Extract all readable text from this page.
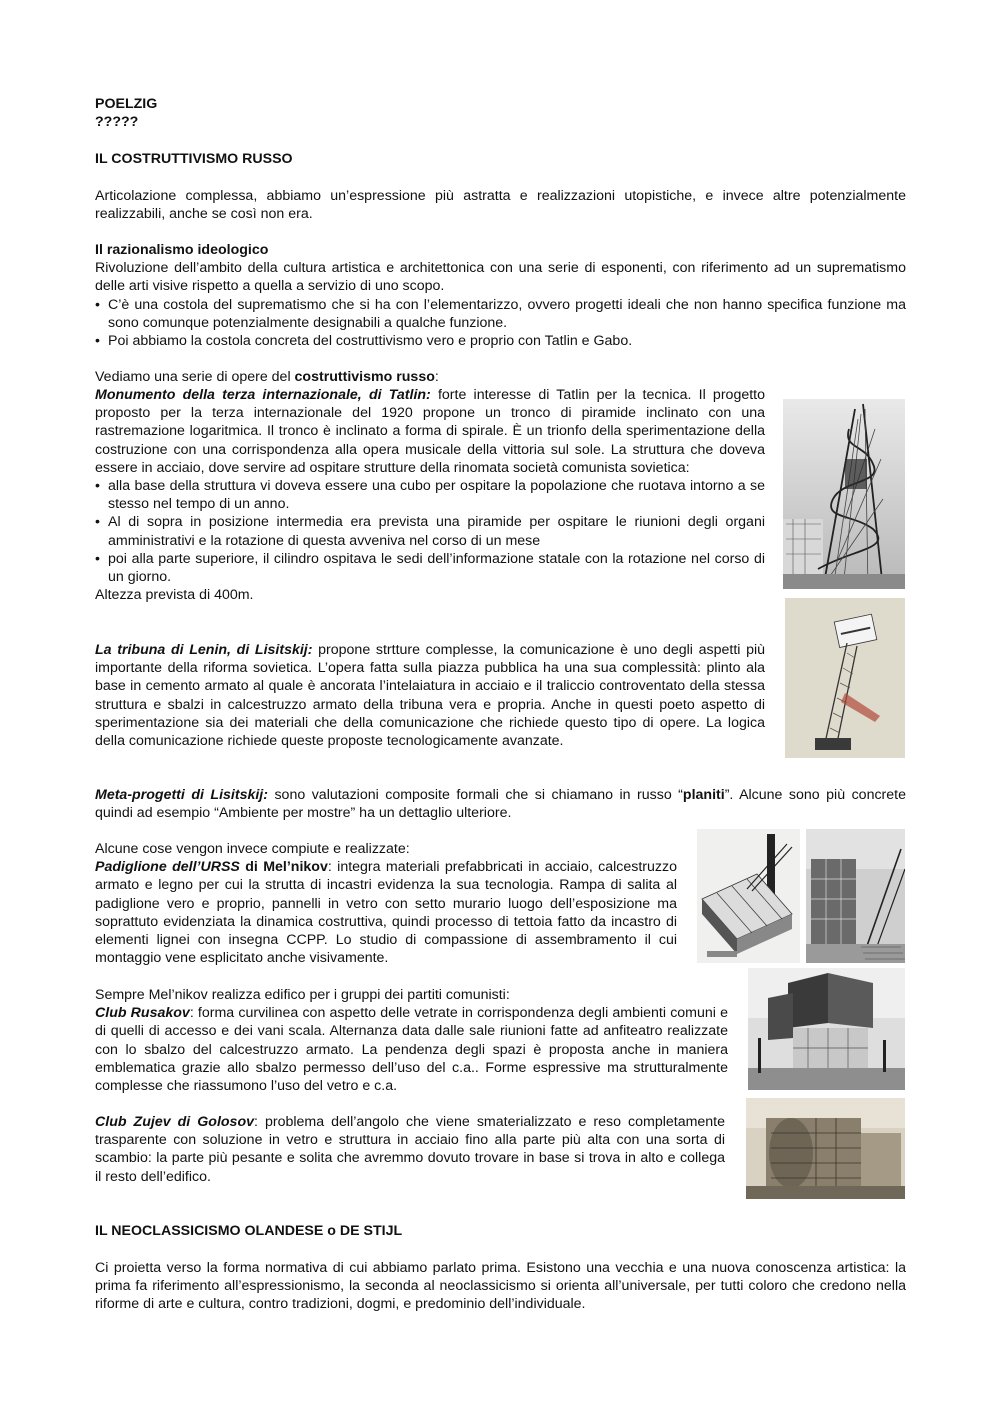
POELZIG

?????

IL COSTRUTTIVISMO RUSSO
Articolazione complessa, abbiamo un’espressione più astratta e realizzazioni utopistiche, e invece altre potenzialmente realizzabili, anche se così non era.

Il razionalismo ideologico

Rivoluzione dell’ambito della cultura artistica e architettonica con una serie di esponenti, con riferimento ad un suprematismo delle arti visive rispetto a quella a servizio di uno scopo.

• C’è una costola del suprematismo che si ha con l’elementarizzo, ovvero progetti ideali che non hanno specifica funzione ma sono comunque potenzialmente designabili a qualche funzione.
• Poi abbiamo la costola concreta del costruttivismo vero e proprio con Tatlin e Gabo.
Vediamo una serie di opere del costruttivismo russo:

Monumento della terza internazionale, di Tatlin: forte interesse di Tatlin per la tecnica. Il progetto proposto per la terza internazionale del 1920 propone un tronco di piramide inclinato con una rastremazione logaritmica. Il tronco è inclinato a forma di spirale. È un trionfo della sperimentazione della costruzione con una corrispondenza alla opera musicale della vittoria sul sole. La struttura che doveva essere in acciaio, dove servire ad ospitare strutture della rinomata società comunista sovietica:

• alla base della struttura vi doveva essere una cubo per ospitare la popolazione che ruotava intorno a se stesso nel tempo di un anno.
• Al di sopra in posizione intermedia era prevista una piramide per ospitare le riunioni degli organi amministrativi e la rotazione di questa avveniva nel corso di un mese
• poi alla parte superiore, il cilindro ospitava le sedi dell’informazione statale con la rotazione nel corso di un giorno.

Altezza prevista di 400m.

La tribuna di Lenin, di Lisitskij: propone strtture complesse, la comunicazione è uno degli aspetti più importante della riforma sovietica. L’opera fatta sulla piazza pubblica ha una sua complessità: plinto ala base in cemento armato al quale è ancorata l’intelaiatura in acciaio e il traliccio controventato della stessa struttura e sbalzi in calcestruzzo armato della tribuna vera e propria. Anche in questi poeto aspetto di sperimentazione sia dei materiali che della comunicazione che richiede questo tipo di opere. La logica della comunicazione richiede queste proposte tecnologicamente avanzate.
Meta-progetti di Lisitskij: sono valutazioni composite formali che si chiamano in russo “planiti”. Alcune sono più concrete quindi ad esempio “Ambiente per mostre” ha un dettaglio ulteriore.

Alcune cose vengon invece compiute e realizzate:

Padiglione dell’URSS di Mel’nikov: integra materiali prefabbricati in acciaio, calcestruzzo armato e legno per cui la strutta di incastri evidenza la sua tecnologia. Rampa di salita al padiglione vero e proprio, pannelli in vetro con setto murario luogo dell’esposizione ma soprattuto evidenziata la dinamica costruttiva, quindi processo di tettoia fatto da incastro di elementi lignei con insegna CCPP. Lo studio di compassione di assembramento il cui montaggio vene esplicitato anche visivamente.

Sempre Mel’nikov realizza edifico per i gruppi dei partiti comunisti:

Club Rusakov: forma curvilinea con aspetto delle vetrate in corrispondenza degli ambienti comuni e di quelli di accesso e dei vani scala. Alternanza data dalle sale riunioni fatte ad anfiteatro realizzate con lo sbalzo del calcestruzzo armato. La pendenza degli spazi è proposta anche in maniera emblematica grazie allo sbalzo permesso dell’uso del c.a.. Forme espressive ma strutturalmente complesse che riassumono l’uso del vetro e c.a.

Club Zujev di Golosov: problema dell’angolo che viene smaterializzato e reso completamente trasparente con soluzione in vetro e struttura in acciaio fino alla parte più alta con una sorta di scambio: la parte più pesante e solita che avremmo dovuto trovare in base si trova in alto e collega il resto dell’edifico.
IL NEOCLASSICISMO OLANDESE o DE STIJL
Ci proietta verso la forma normativa di cui abbiamo parlato prima. Esistono una vecchia e una nuova conoscenza artistica: la prima fa riferimento all’espressionismo, la seconda al neoclassicismo si orienta all’universale, per tutti coloro che credono nella riforme di arte e cultura, contro tradizioni, dogmi, e predominio dell’individuale.
